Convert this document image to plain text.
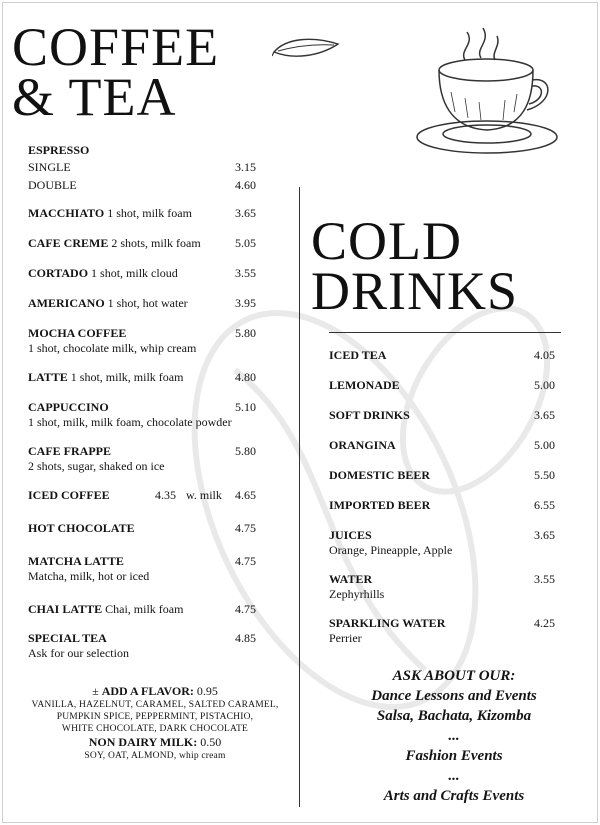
COFFEE
& TEA
ESPRESSO
SINGLE	3.15
DOUBLE	4.60
MACCHIATO 1 shot, milk foam	3.65
CAFE CREME 2 shots, milk foam	5.05
CORTADO 1 shot, milk cloud	3.55
AMERICANO 1 shot, hot water	3.95
MOCHA COFFEE	5.80
1 shot, chocolate milk, whip cream
LATTE 1 shot, milk, milk foam	4.80
CAPPUCCINO	5.10
1 shot, milk, milk foam, chocolate powder
CAFE FRAPPE	5.80
2 shots, sugar, shaked on ice
ICED COFFEE	4.35 w. milk 4.65
HOT CHOCOLATE	4.75
MATCHA LATTE	4.75
Matcha, milk, hot or iced
CHAI LATTE Chai, milk foam	4.75
SPECIAL TEA	4.85
Ask for our selection
± ADD A FLAVOR: 0.95
VANILLA, HAZELNUT, CARAMEL, SALTED CARAMEL,
PUMPKIN SPICE, PEPPERMINT, PISTACHIO,
WHITE CHOCOLATE, DARK CHOCOLATE
NON DAIRY MILK: 0.50
SOY, OAT, ALMOND, whip cream
COLD
DRINKS
ICED TEA	4.05
LEMONADE	5.00
SOFT DRINKS	3.65
ORANGINA	5.00
DOMESTIC BEER	5.50
IMPORTED BEER	6.55
JUICES	3.65
Orange, Pineapple, Apple
WATER	3.55
Zephyrhills
SPARKLING WATER	4.25
Perrier
ASK ABOUT OUR:
Dance Lessons and Events
Salsa, Bachata, Kizomba
...
Fashion Events
...
Arts and Crafts Events
